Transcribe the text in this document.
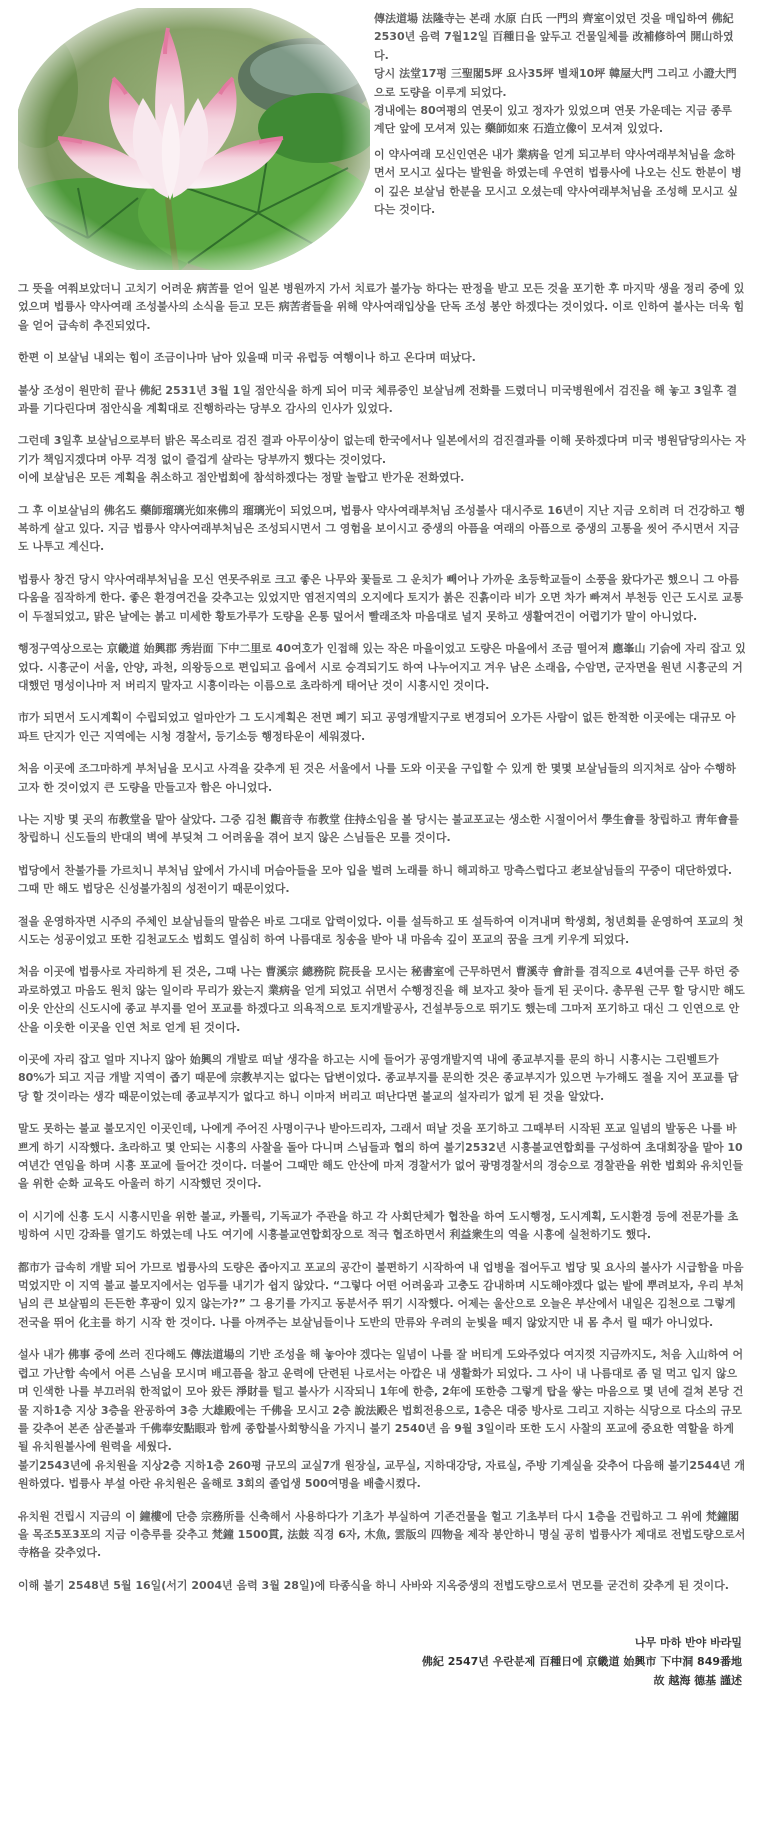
傳法道場 法隆寺는 본래 水原 白氏 一門의 齊室이었던 것을 매입하여 佛紀2530년 음력 7월12일 百種日을 앞두고 건물일체를 改補修하여 開山하였다.
당시 法堂17평 三聖閣5坪 요사35坪 별채10坪 韓屋大門 그리고 小證大門으로 도량을 이루게 되었다.
경내에는 80여평의 연못이 있고 정자가 있었으며 연못 가운데는 지금 종루 계단 앞에 모셔져 있는 藥師如來 石造立像이 모셔져 있었다.

이 약사여래 모신인연은 내가 業病을 얻게 되고부터 약사여래부처님을 念하면서 모시고 싶다는 발원을 하였는데 우연히 법륭사에 나오는 신도 한분이 병이 깊은 보살님 한분을 모시고 오셨는데 약사여래부처님을 조성해 모시고 싶다는 것이다.

그 뜻을 여쭤보았더니 고치기 어려운 病苦를 얻어 일본 병원까지 가서 치료가 불가능 하다는 판정을 받고 모든 것을 포기한 후 마지막 생을 정리 중에 있었으며 법륭사 약사여래 조성불사의 소식을 듣고 모든 病苦者들을 위해 약사여래입상을 단독 조성 봉안 하겠다는 것이었다. 이로 인하여 불사는 더욱 힘을 얻어 급속히 추진되었다.

한편 이 보살님 내외는 힘이 조금이나마 남아 있을때 미국 유럽등 여행이나 하고 온다며 떠났다.

불상 조성이 원만히 끝나 佛紀 2531년 3월 1일 점안식을 하게 되어 미국 체류중인 보살님께 전화를 드렸더니 미국병원에서 검진을 해 놓고 3일후 결과를 기다린다며 점안식을 계획대로 진행하라는 당부오 감사의 인사가 있었다.

그런데 3일후 보살님으로부터 밝은 목소리로 검진 결과 아무이상이 없는데 한국에서나 일본에서의 검진결과를 이해 못하겠다며 미국 병원담당의사는 자기가 책임지겠다며 아무 걱정 없이 즐겁게 살라는 당부까지 했다는 것이었다.
이에 보살님은 모든 계획을 취소하고 점안법회에 참석하겠다는 정말 놀랍고 반가운 전화였다.

그 후 이보살님의 佛名도 藥師瑠璃光如來佛의 瑠璃光이 되었으며, 법륭사 약사여래부처님 조성불사 대시주로 16년이 지난 지금 오히려 더 건강하고 행복하게 살고 있다. 지금 법륭사 약사여래부처님은 조성되시면서 그 영험을 보이시고 중생의 아픔을 여래의 아픔으로 중생의 고통을 씻어 주시면서 지금도 나투고 계신다.

법륭사 창건 당시 약사여래부처님을 모신 연못주위로 크고 좋은 나무와 꽃들로 그 운치가 빼어나 가까운 초등학교들이 소풍을 왔다가곤 했으니 그 아름다움을 짐작하게 한다. 좋은 환경여건을 갖추고는 있었지만 염전지역의 오지에다 토지가 붉은 진흙이라 비가 오면 차가 빠져서 부천등 인근 도시로 교통이 두절되었고, 맑은 날에는 붉고 미세한 황토가루가 도량을 온통 덮어서 빨래조차 마음대로 널지 못하고 생활여건이 어렵기가 말이 아니었다.

행정구역상으로는 京畿道 始興郡 秀岩面 下中二里로 40여호가 인접해 있는 작은 마을이었고 도량은 마을에서 조금 떨어져 應峯山 기슭에 자리 잡고 있었다. 시흥군이 서울, 안양, 과천, 의왕등으로 편입되고 읍에서 시로 승격되기도 하여 나누어지고 겨우 남은 소래읍, 수암면, 군자면을 원년 시흥군의 거대했던 명성이나마 저 버리지 말자고 시흥이라는 이름으로 초라하게 태어난 것이 시흥시인 것이다.

市가 되면서 도시계획이 수립되었고 얼마안가 그 도시계획은 전면 폐기 되고 공영개발지구로 변경되어 오가든 사람이 없든 한적한 이곳에는 대규모 아파트 단지가 인근 지역에는 시청 경찰서, 등기소등 행정타운이 세워졌다.

처음 이곳에 조그마하게 부처님을 모시고 사격을 갖추게 된 것은 서울에서 나를 도와 이곳을 구입할 수 있게 한 몇몇 보살님들의 의지처로 삼아 수행하고자 한 것이었지 큰 도량을 만들고자 함은 아니었다.

나는 지방 몇 곳의 布教堂을 맡아 살았다. 그중 김천 觀音寺 布教堂 住持소임을 볼 당시는 불교포교는 생소한 시절이어서 學生會를 창립하고 靑年會를 창립하니 신도들의 반대의 벽에 부딪쳐 그 어려움을 겪어 보지 않은 스님들은 모를 것이다.

법당에서 찬불가를 가르치니 부처님 앞에서 가시네 머슴아들을 모아 입을 벌려 노래를 하니 해괴하고 망측스럽다고 老보살님들의 꾸중이 대단하였다. 그때 만 해도 법당은 신성불가침의 성전이기 때문이었다.

절을 운영하자면 시주의 주체인 보살님들의 말씀은 바로 그대로 압력이었다. 이를 설득하고 또 설득하여 이겨내며 학생회, 청년회를 운영하여 포교의 첫 시도는 성공이었고 또한 김천교도소 법회도 열심히 하여 나름대로 칭송을 받아 내 마음속 깊이 포교의 꿈을 크게 키우게 되었다.

처음 이곳에 법륭사로 자리하게 된 것은, 그때 나는 曹溪宗 總務院 院長을 모시는 秘書室에 근무하면서 曹溪寺 會計를 겸직으로 4년여를 근무 하던 중 과로하였고 마음도 원치 않는 일이라 무리가 왔는지 業病을 얻게 되었고 쉬면서 수행정진을 해 보자고 찾아 들게 된 곳이다. 총무원 근무 할 당시만 해도 이웃 안산의 신도시에 종교 부지를 얻어 포교를 하겠다고 의욕적으로 토지개발공사, 건설부등으로 뛰기도 했는데 그마저 포기하고 대신 그 인연으로 안산을 이웃한 이곳을 인연 처로 얻게 된 것이다.

이곳에 자리 잡고 얼마 지나지 않아 始興의 개발로 떠날 생각을 하고는 시에 들어가 공영개발지역 내에 종교부지를 문의 하니 시흥시는 그린벨트가 80%가 되고 지금 개발 지역이 좁기 때문에 宗教부지는 없다는 답변이었다. 종교부지를 문의한 것은 종교부지가 있으면 누가해도 절을 지어 포교를 담당 할 것이라는 생각 때문이었는데 종교부지가 없다고 하니 이마저 버리고 떠난다면 불교의 설자리가 없게 된 것을 알았다.

말도 못하는 불교 불모지인 이곳인데, 나에게 주어진 사명이구나 받아드리자, 그래서 떠날 것을 포기하고 그때부터 시작된 포교 일념의 발동은 나를 바쁘게 하기 시작했다. 초라하고 몇 안되는 시흥의 사찰을 돌아 다니며 스님들과 협의 하여 불기2532년 시흥불교연합회를 구성하여 초대회장을 맡아 10여년간 연임을 하며 시흥 포교에 들어간 것이다. 더불어 그때만 해도 안산에 마저 경찰서가 없어 광명경찰서의 경승으로 경찰관을 위한 법회와 유치인들을 위한 순화 교육도 아울러 하기 시작했던 것이다.

이 시기에 신흥 도시 시흥시민을 위한 불교, 카톨릭, 기독교가 주관을 하고 각 사회단체가 협찬을 하여 도시행정, 도시계획, 도시환경 등에 전문가를 초빙하여 시민 강좌를 열기도 하였는데 나도 여기에 시흥불교연합회장으로 적극 협조하면서 利益衆生의 역을 시흥에 실천하기도 했다.

都市가 급속히 개발 되어 가므로 법륭사의 도량은 좁아지고 포교의 공간이 불편하기 시작하여 내 업병을 접어두고 법당 및 요사의 불사가 시급함을 마음먹었지만 이 지역 불교 불모지에서는 엄두를 내기가 쉽지 않았다. “그렇다 어떤 어려움과 고충도 감내하며 시도해야겠다 없는 밭에 뿌려보자, 우리 부처님의 큰 보살핌의 든든한 후광이 있지 않는가?” 그 용기를 가지고 동분서주 뛰기 시작했다. 어제는 울산으로 오늘은 부산에서 내일은 김천으로 그렇게 전국을 뛰어 化主를 하기 시작 한 것이다. 나를 아껴주는 보살님들이나 도반의 만류와 우려의 눈빛을 떼지 않았지만 내 몸 추서 릴 때가 아니었다.

설사 내가 佛事 중에 쓰러 진다해도 傳法道場의 기반 조성을 해 놓아야 겠다는 일념이 나를 잘 버티게 도와주었다 여지껏 지금까지도, 처음 入山하여 어렵고 가난함 속에서 어른 스님을 모시며 배고픔을 참고 운력에 단련된 나로서는 아깝은 내 생활화가 되었다. 그 사이 내 나름대로 좀 덜 먹고 입지 않으며 인색한 나를 부끄러워 한적없이 모아 왔든 淨財를 털고 불사가 시작되니 1年에 한층, 2年에 또한층 그렇게 탑을 쌓는 마음으로 몇 년에 걸쳐 본당 건물 지하1층 지상 3층을 완공하여 3층 大雄殿에는 千佛을 모시고 2층 說法殿은 법회전용으로, 1층은 대중 방사로 그리고 지하는 식당으로 다소의 규모를 갖추어 본존 삼존불과 千佛奉安點眼과 함께 종합불사회향식을 가지니 불기 2540년 음 9월 3일이라 또한 도시 사찰의 포교에 중요한 역할을 하게 될 유치원불사에 원력을 세웠다.
불기2543년에 유치원을 지상2층 지하1층 260평 규모의 교실7개 원장실, 교무실, 지하대강당, 자료실, 주방 기계실을 갖추어 다음해 불기2544년 개원하였다. 법륭사 부설 아란 유치원은 올해로 3회의 졸업생 500여명을 배출시켰다.

유치원 건립시 지금의 이 鐘樓에 단층 宗務所를 신축해서 사용하다가 기초가 부실하여 기존건물을 헐고 기초부터 다시 1층을 건립하고 그 위에 梵鐘閣을 목조5포3포의 지금 이층루를 갖추고 梵鐘 1500貫, 法鼓 직경 6자, 木魚, 雲版의 四物을 제작 봉안하니 명실 공히 법륭사가 제대로 전법도량으로서 寺格을 갖추었다.

이해 불기 2548년 5월 16일(서기 2004년 음력 3월 28일)에 타종식을 하니 사바와 지옥중생의 전법도량으로서 면모를 굳건히 갖추게 된 것이다.

나무 마하 반야 바라밀
佛紀 2547년 우란분제 百種日에 京畿道 始興市 下中洞 849番地
故 越海 德基 謹述
